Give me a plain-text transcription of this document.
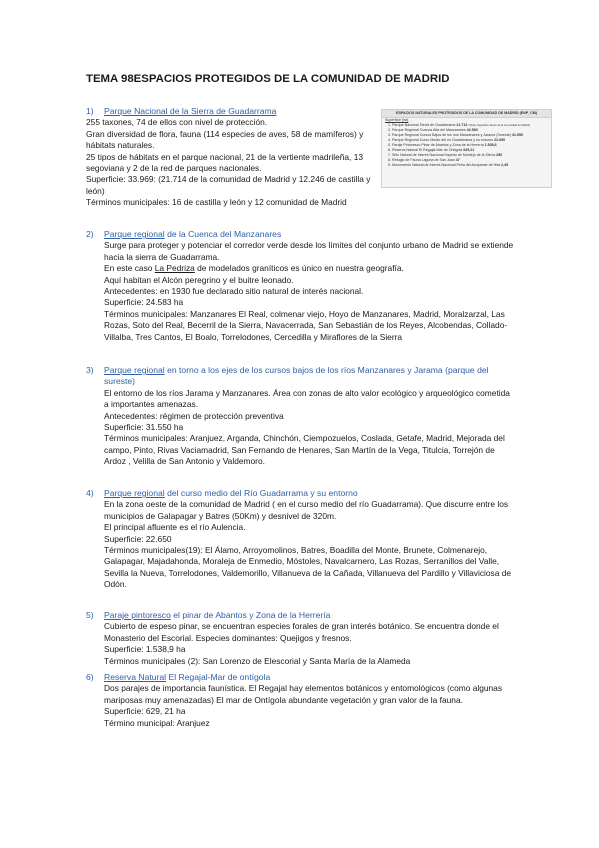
TEMA 98ESPACIOS PROTEGIDOS DE LA COMUNIDAD DE MADRID
ESPACIOS NATURALES PROTEGIDOS DE LA COMUNIDAD DE MADRID (ENP_CM)
Superficie (ha)
1. Parque Nacional Sierra de Guadarrama 21.714 *(Nota: Superficie dentro de la Comunidad de Madrid)
2. Parque Regional Cuenca Alta del Manzanares 42.583
3. Parque Regional Cursos Bajos de los ríos Manzanares y Jarama (Sureste) 31.550
4. Parque Regional Curso Medio del río Guadarrama y su entorno 22.650
5. Paraje Pintoresco Pinar de Abantos y Zona de la Herrería 1.538,6
6. Reserva Natural El Regajal-Mar de Ontígola 629,21
7. Sitio Natural de Interés Nacional Hayedo de Montejo de la Sierra 250
8. Refugio de Fauna Laguna de San Juan 47
9. Monumento Natural de Interés Nacional Peña del Arcipreste de Hita 2,45
1)	Parque Nacional de la Sierra de Guadarrama

255 taxones, 74 de ellos con nivel de protección.

Gran diversidad de flora, fauna (114 especies de aves, 58 de mamíferos) y hábitats naturales.

25 tipos de hábitats en el parque nacional, 21 de la vertiente madrileña, 13 segoviana y 2 de la red de parques nacionales.

Superficie: 33.969: (21.714 de la comunidad de Madrid y 12.246 de castilla y león)

Términos municipales: 16 de castilla y león y 12 comunidad de Madrid

2)	Parque regional de la Cuenca del Manzanares

Surge para proteger y potenciar el corredor verde desde los límites del conjunto urbano de Madrid se extiende hacia la sierra de Guadarrama.

En este caso La Pedriza de modelados graníticos es único en nuestra geografía.

Aquí habitan el Alcón peregrino y el buitre leonado.

Antecedentes: en 1930 fue declarado sitio natural de interés nacional.

Superficie: 24.583 ha

Términos municipales: Manzanares El Real, colmenar viejo, Hoyo de Manzanares, Madrid, Moralzarzal, Las Rozas, Soto del Real, Becerril de la Sierra, Navacerrada, San Sebastián de los Reyes, Alcobendas, Collado-Villalba, Tres Cantos, El Boalo, Torrelodones, Cercedilla y Miraflores de la Sierra

3)	Parque regional en torno a los ejes de los cursos bajos de los ríos Manzanares y Jarama (parque del sureste)

El entorno de los ríos Jarama y Manzanares. Área con zonas de alto valor ecológico y arqueológico cometida a importantes amenazas.

Antecedentes: régimen de protección preventiva

Superficie: 31.550 ha

Términos municipales: Aranjuez, Arganda, Chinchón, Ciempozuelos, Coslada, Getafe, Madrid, Mejorada del campo, Pinto, Rivas Vaciamadrid, San Fernando de Henares, San Martín de la Vega, Titulcia, Torrejón de Ardoz , Velilla de San Antonio y Valdemoro.

4)	Parque regional del curso medio del Río Guadarrama y su entorno

En la zona oeste de la comunidad de Madrid ( en el curso medio del río Guadarrama). Que discurre entre los municipios de Galapagar y Batres (50Km) y desnivel de 320m.

El principal afluente es el río Aulencia.

Superficie: 22.650

Términos municipales(19): El Álamo, Arroyomolinos, Batres, Boadilla del Monte, Brunete, Colmenarejo, Galapagar, Majadahonda, Moraleja de Enmedio, Móstoles, Navalcarnero, Las Rozas, Serranillos del Valle, Sevilla la Nueva, Torrelodones, Valdemorillo, Villanueva de la Cañada, Villanueva del Pardillo y Villaviciosa de Odón.

5)	Paraje pintoresco el pinar de Abantos y Zona de la Herrería

Cubierto de espeso pinar, se encuentran especies forales de gran interés botánico. Se encuentra donde el Monasterio del Escorial. Especies dominantes: Quejigos y fresnos.

Superficie: 1.538,9 ha

Términos municipales (2): San Lorenzo de Elescorial y Santa María de la Alameda

6)	Reserva Natural El Regajal-Mar de ontígola

Dos parajes de importancia faunística. El Regajal hay elementos botánicos y entomológicos (como algunas mariposas muy amenazadas) El mar de Ontígola abundante vegetación y gran valor de la fauna.

Superficie: 629, 21 ha

Término municipal: Aranjuez
